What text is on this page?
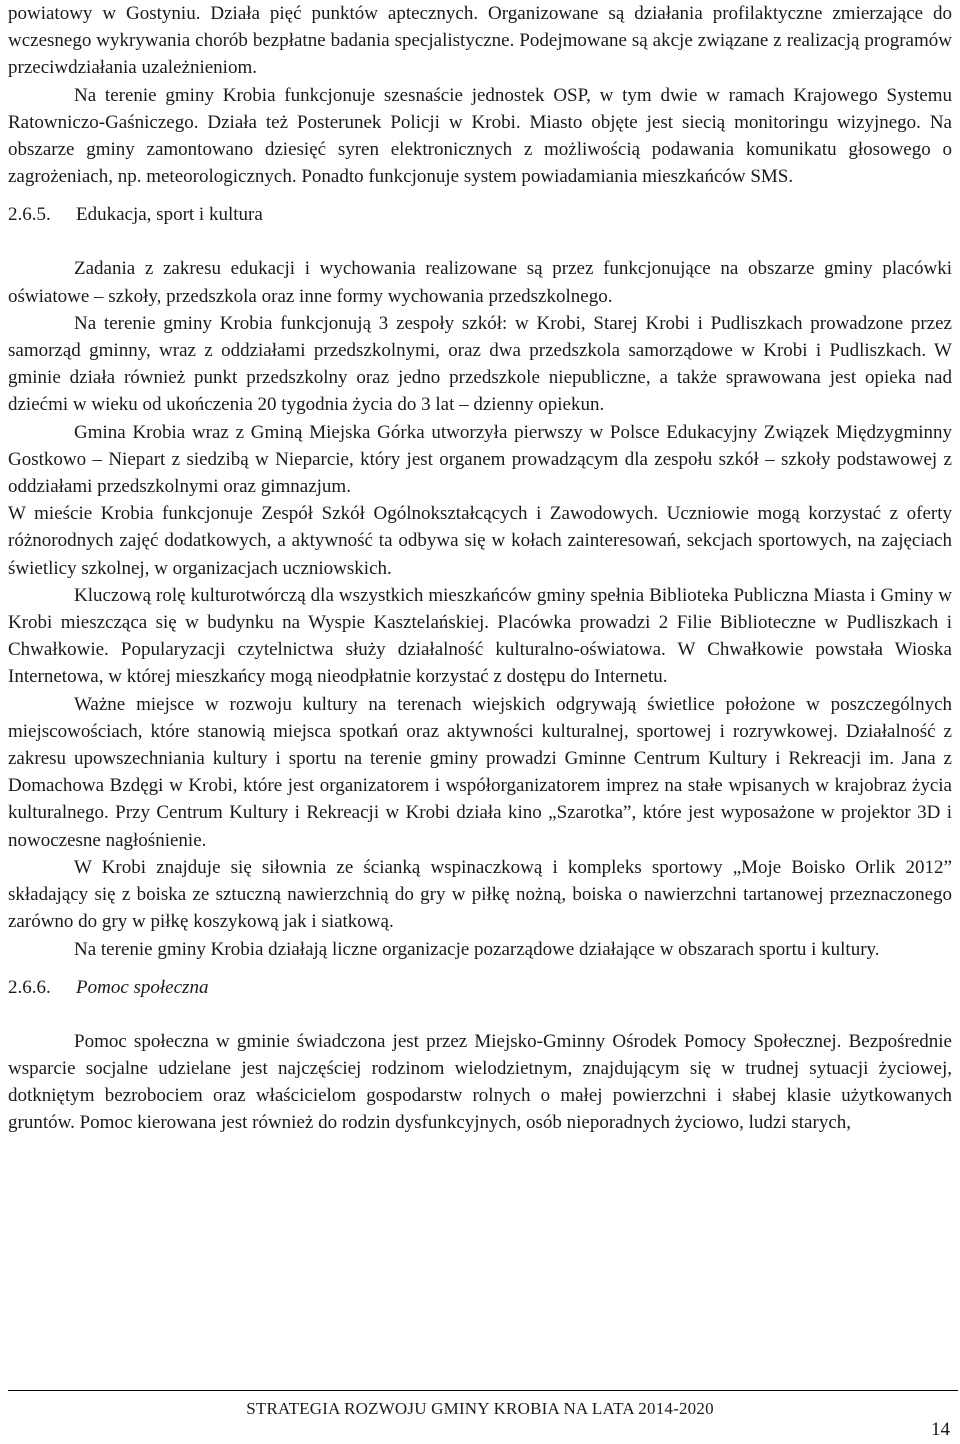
powiatowy w Gostyniu. Działa pięć punktów aptecznych. Organizowane są działania profilaktyczne zmierzające do wczesnego wykrywania chorób bezpłatne badania specjalistyczne. Podejmowane są akcje związane z realizacją programów przeciwdziałania uzależnieniom.

Na terenie gminy Krobia funkcjonuje szesnaście jednostek OSP, w tym dwie w ramach Krajowego Systemu Ratowniczo-Gaśniczego. Działa też Posterunek Policji w Krobi. Miasto objęte jest siecią monitoringu wizyjnego. Na obszarze gminy zamontowano dziesięć syren elektronicznych z możliwością podawania komunikatu głosowego o zagrożeniach, np. meteorologicznych. Ponadto funkcjonuje system powiadamiania mieszkańców SMS.

2.6.5.	Edukacja, sport i kultura

Zadania z zakresu edukacji i wychowania realizowane są przez funkcjonujące na obszarze gminy placówki oświatowe – szkoły, przedszkola oraz inne formy wychowania przedszkolnego.

Na terenie gminy Krobia funkcjonują 3 zespoły szkół: w Krobi, Starej Krobi i Pudliszkach prowadzone przez samorząd gminny, wraz z oddziałami przedszkolnymi, oraz dwa przedszkola samorządowe w Krobi i Pudliszkach. W gminie działa również punkt przedszkolny oraz jedno przedszkole niepubliczne, a także sprawowana jest opieka nad dziećmi w wieku od ukończenia 20 tygodnia życia do 3 lat – dzienny opiekun.

Gmina Krobia wraz z Gminą Miejska Górka utworzyła pierwszy w Polsce Edukacyjny Związek Międzygminny Gostkowo – Niepart z siedzibą w Nieparcie, który jest organem prowadzącym dla zespołu szkół – szkoły podstawowej z oddziałami przedszkolnymi oraz gimnazjum.

W mieście Krobia funkcjonuje Zespół Szkół Ogólnokształcących i Zawodowych. Uczniowie mogą korzystać z oferty różnorodnych zajęć dodatkowych, a aktywność ta odbywa się w kołach zainteresowań, sekcjach sportowych, na zajęciach świetlicy szkolnej, w organizacjach uczniowskich.

Kluczową rolę kulturotwórczą dla wszystkich mieszkańców gminy spełnia Biblioteka Publiczna Miasta i Gminy w Krobi mieszcząca się w budynku na Wyspie Kasztelańskiej. Placówka prowadzi 2 Filie Biblioteczne w Pudliszkach i Chwałkowie. Popularyzacji czytelnictwa służy działalność kulturalno-oświatowa. W Chwałkowie powstała Wioska Internetowa, w której mieszkańcy mogą nieodpłatnie korzystać z dostępu do Internetu.

Ważne miejsce w rozwoju kultury na terenach wiejskich odgrywają świetlice położone w poszczególnych miejscowościach, które stanowią miejsca spotkań oraz aktywności kulturalnej, sportowej i rozrywkowej. Działalność z zakresu upowszechniania kultury i sportu na terenie gminy prowadzi Gminne Centrum Kultury i Rekreacji im. Jana z Domachowa Bzdęgi w Krobi, które jest organizatorem i współorganizatorem imprez na stałe wpisanych w krajobraz życia kulturalnego. Przy Centrum Kultury i Rekreacji w Krobi działa kino „Szarotka”, które jest wyposażone w projektor 3D i nowoczesne nagłośnienie.

W Krobi znajduje się siłownia ze ścianką wspinaczkową i kompleks sportowy „Moje Boisko Orlik 2012” składający się z boiska ze sztuczną nawierzchnią do gry w piłkę nożną, boiska o nawierzchni tartanowej przeznaczonego zarówno do gry w piłkę koszykową jak i siatkową.

Na terenie gminy Krobia działają liczne organizacje pozarządowe działające w obszarach sportu i kultury.

2.6.6.	Pomoc społeczna

Pomoc społeczna w gminie świadczona jest przez Miejsko-Gminny Ośrodek Pomocy Społecznej. Bezpośrednie wsparcie socjalne udzielane jest najczęściej rodzinom wielodzietnym, znajdującym się w trudnej sytuacji życiowej, dotkniętym bezrobociem oraz właścicielom gospodarstw rolnych o małej powierzchni i słabej klasie użytkowanych gruntów. Pomoc kierowana jest również do rodzin dysfunkcyjnych, osób nieporadnych życiowo, ludzi starych,

STRATEGIA ROZWOJU GMINY KROBIA NA LATA 2014-2020
14
